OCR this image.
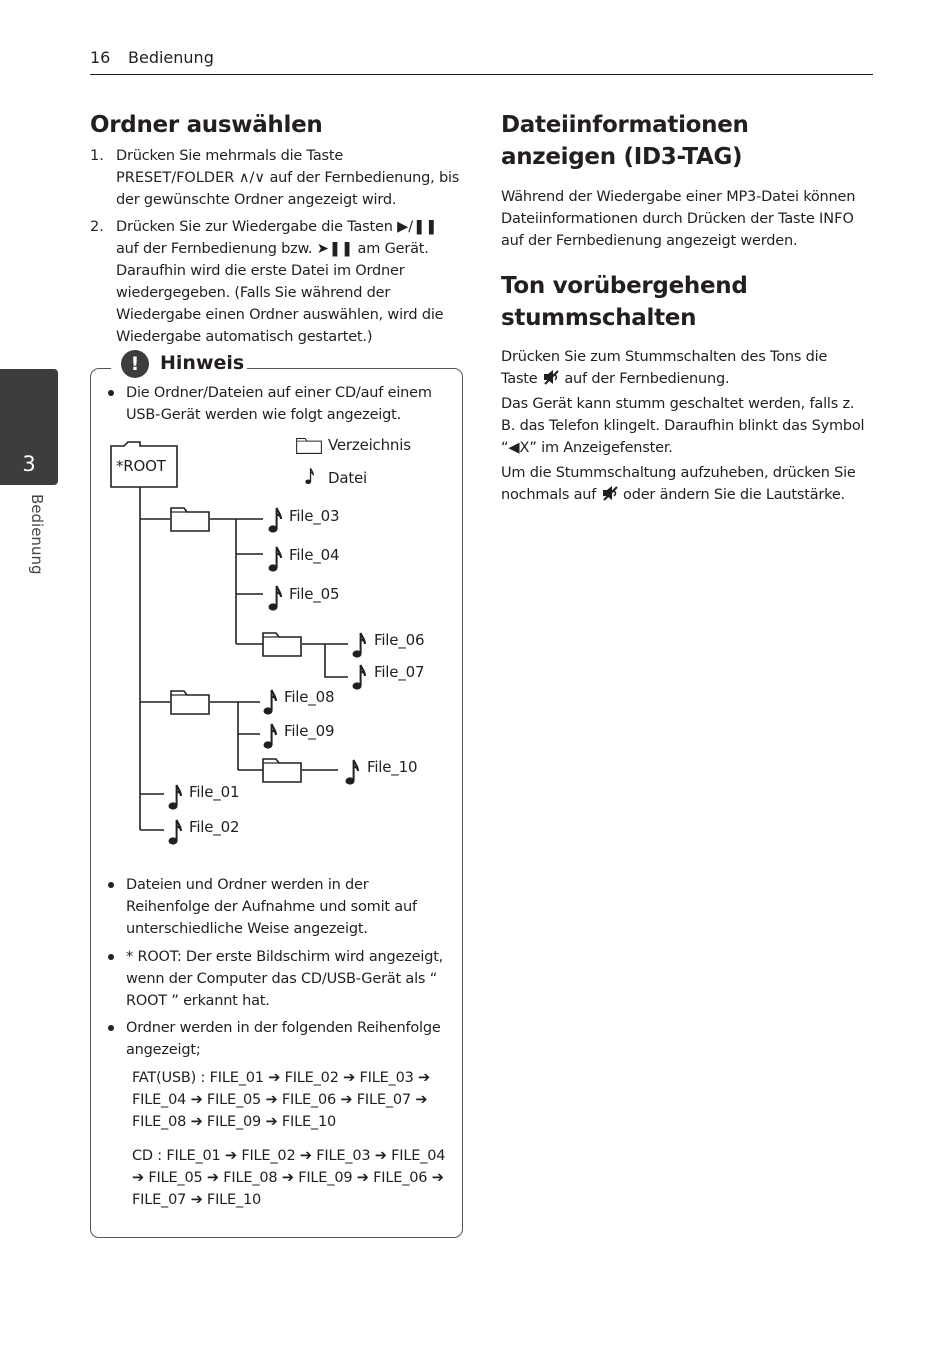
16 Bedienung
3
Bedienung
Ordner auswählen
1. Drücken Sie mehrmals die Taste PRESET/FOLDER ∧/∨ auf der Fernbedienung, bis der gewünschte Ordner angezeigt wird.
2. Drücken Sie zur Wiedergabe die Tasten ▶/❚❚ auf der Fernbedienung bzw. ➤❚❚ am Gerät. Daraufhin wird die erste Datei im Ordner wiedergegeben. (Falls Sie während der Wiedergabe einen Ordner auswählen, wird die Wiedergabe automatisch gestartet.)
!	Hinweis
Die Ordner/Dateien auf einer CD/auf einem USB-Gerät werden wie folgt angezeigt.
*ROOT
Verzeichnis
Datei
File_03
File_04
File_05
File_06
File_07
File_08
File_09
File_10
File_01
File_02
Dateien und Ordner werden in der Reihenfolge der Aufnahme und somit auf unterschiedliche Weise angezeigt.
* ROOT: Der erste Bildschirm wird angezeigt, wenn der Computer das CD/USB-Gerät als “ ROOT ” erkannt hat.
Ordner werden in der folgenden Reihenfolge angezeigt;
FAT(USB) : FILE_01 ➔ FILE_02 ➔ FILE_03 ➔ FILE_04 ➔ FILE_05 ➔ FILE_06 ➔ FILE_07 ➔ FILE_08 ➔ FILE_09 ➔ FILE_10
CD : FILE_01 ➔ FILE_02 ➔ FILE_03 ➔ FILE_04 ➔ FILE_05 ➔ FILE_08 ➔ FILE_09 ➔ FILE_06 ➔ FILE_07 ➔ FILE_10
Dateiinformationen anzeigen (ID3-TAG)
Während der Wiedergabe einer MP3-Datei können Dateiinformationen durch Drücken der Taste INFO auf der Fernbedienung angezeigt werden.
Ton vorübergehend stummschalten
Drücken Sie zum Stummschalten des Tons die Taste  auf der Fernbedienung.
Das Gerät kann stumm geschaltet werden, falls z. B. das Telefon klingelt. Daraufhin blinkt das Symbol “◀X” im Anzeigefenster.
Um die Stummschaltung aufzuheben, drücken Sie nochmals auf  oder ändern Sie die Lautstärke.
